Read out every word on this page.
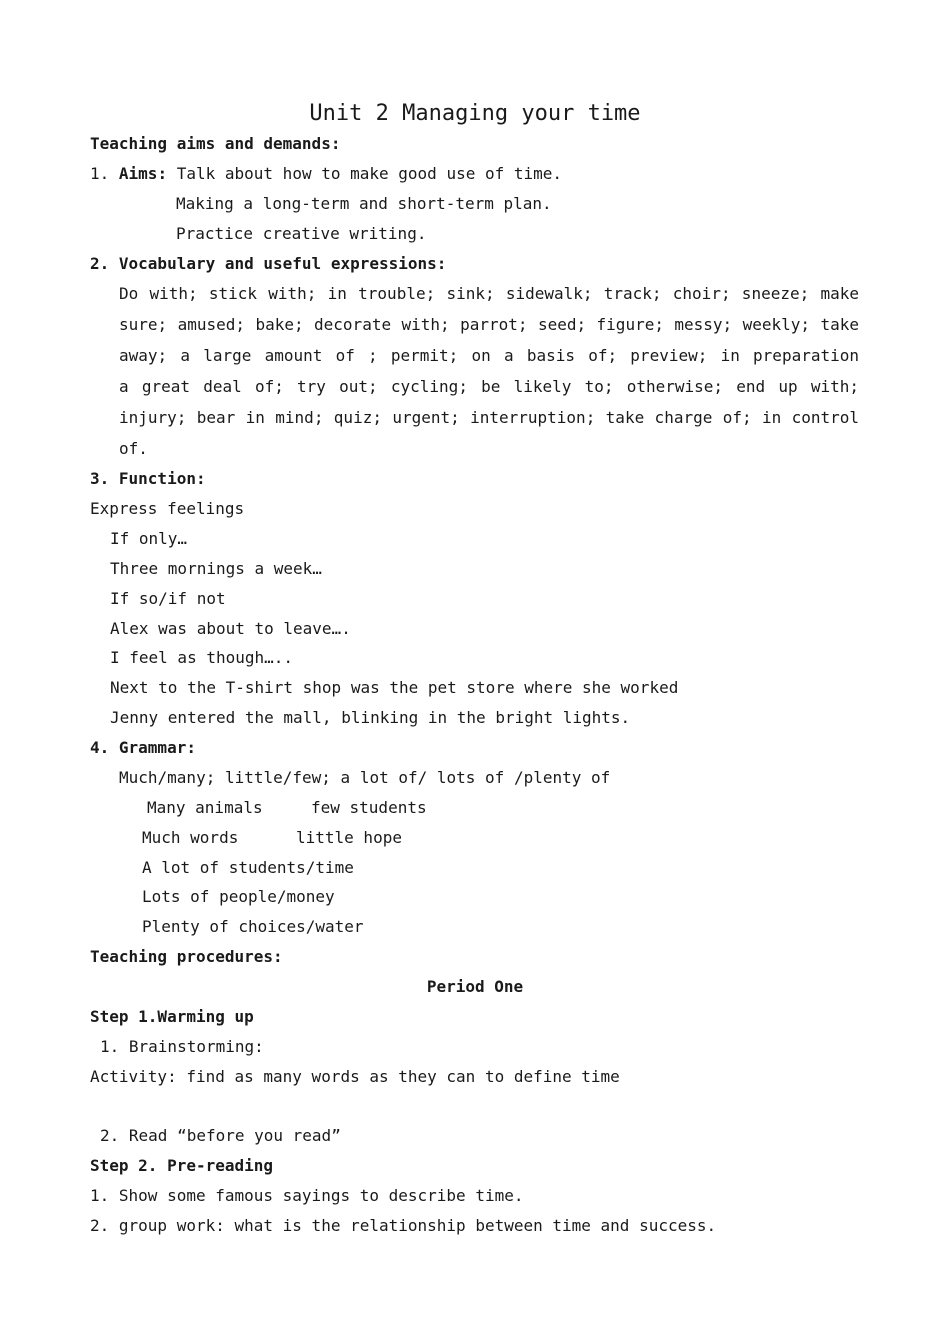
Unit 2 Managing your time
Teaching aims and demands:
1. Aims: Talk about how to make good use of time.
Making a long-term and short-term plan.
Practice creative writing.
2. Vocabulary and useful expressions:
Do with; stick with; in trouble; sink; sidewalk; track; choir; sneeze; make
sure; amused; bake; decorate with; parrot; seed; figure; messy; weekly; take
away; a large amount of ; permit; on a basis of; preview; in preparation
a great deal of; try out; cycling; be likely to; otherwise; end up with;
injury; bear in mind; quiz; urgent; interruption; take charge of; in control
of.
3. Function:
Express feelings
If only…
Three mornings a week…
If so/if not
Alex was about to leave….
I feel as though…..
Next to the T-shirt shop was the pet store where she worked
Jenny entered the mall, blinking in the bright lights.
4. Grammar:
Much/many; little/few; a lot of/ lots of /plenty of
Many animals	few students
Much words	little hope
A lot of students/time
Lots of people/money
Plenty of choices/water
Teaching procedures:
Period One
Step 1.Warming up
1. Brainstorming:
Activity: find as many words as they can to define time
2. Read “before you read”
Step 2. Pre-reading
1. Show some famous sayings to describe time.
2. group work: what is the relationship between time and success.
